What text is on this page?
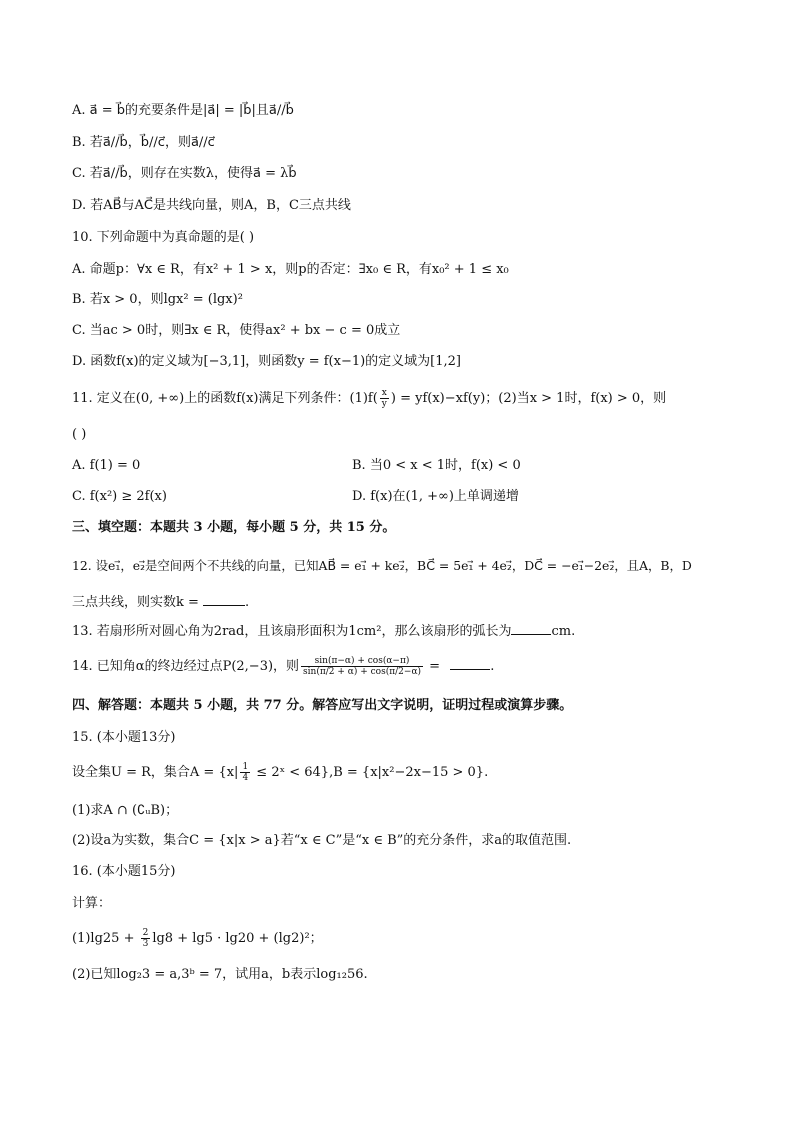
A. a⃗ = b⃗的充要条件是|a⃗| = |b⃗|且a⃗//b⃗
B. 若a⃗//b⃗，b⃗//c⃗，则a⃗//c⃗
C. 若a⃗//b⃗，则存在实数λ，使得a⃗ = λb⃗
D. 若AB⃗与AC⃗是共线向量，则A，B，C三点共线
10. 下列命题中为真命题的是( )
A. 命题p：∀x ∈ R，有x² + 1 > x，则p的否定：∃x₀ ∈ R，有x₀² + 1 ≤ x₀
B. 若x > 0，则lgx² = (lgx)²
C. 当ac > 0时，则∃x ∈ R，使得ax² + bx − c = 0成立
D. 函数f(x)的定义域为[−3,1]，则函数y = f(x−1)的定义域为[1,2]
11. 定义在(0, +∞)上的函数f(x)满足下列条件：$(1)f( \frac{x}{y}$ ) = yf(x)−xf(y)；(2)当x > 1时，f(x) > 0，则
( )
A. f(1) = 0	B. 当0 < x < 1时，f(x) < 0
C. f(x²) ≥ 2f(x)	D. f(x)在(1, +∞)上单调递增
三、填空题：本题共 3 小题，每小题 5 分，共 15 分。
12. 设e₁⃗，e₂⃗是空间两个不共线的向量，已知AB⃗ = e₁⃗ + ke₂⃗，BC⃗ = 5e₁⃗ + 4e₂⃗，DC⃗ = −e₁⃗−2e₂⃗，且A，B，D
三点共线，则实数k =	.
13. 若扇形所对圆心角为2rad，且该扇形面积为1cm²，那么该扇形的弧长为	cm.
14. 已知角α的终边经过点P(2,−3)，则 $\frac{\sin(\pi-\alpha) + \cos(\alpha-\pi)}{\sin(\pi/2 + \alpha) + \cos(\pi/2-\alpha)}$ =	.
四、解答题：本题共 5 小题，共 77 分。解答应写出文字说明，证明过程或演算步骤。
15. (本小题13分)
设全集U = R，集合$A = \{x| \frac{1}{4}$ ≤ 2ˣ < 64},B = {x|x²−2x−15 > 0}.
(1)求A ∩ (∁ᵤB)；
(2)设a为实数，集合C = {x|x > a}若“x ∈ C”是“x ∈ B”的充分条件，求a的取值范围.
16. (本小题15分)
计算：
$(1)\lg 25 + \frac{2}{3} \lg 8 + \lg 5 \cdot \lg 20 + (\lg 2)^2$；
(2)已知log₂3 = a,3ᵇ = 7，试用a，b表示log₁₂56.
